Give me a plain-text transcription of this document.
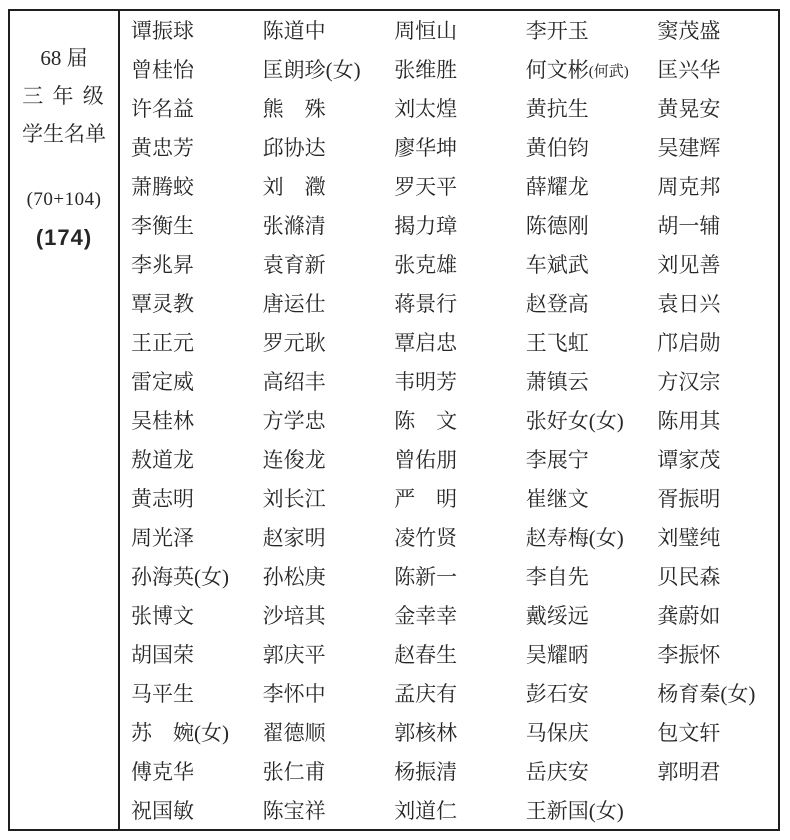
68 届
三 年 级
学生名单
(70+104)
(174)
谭振球	陈道中	周恒山	李开玉	窦茂盛
曾桂怡	匡朗珍(女)	张维胜	何文彬 (何武)	匡兴华
许名益	熊　殊	刘太煌	黄抗生	黄晃安
黄忠芳	邱协达	廖华坤	黄伯钧	吴建辉
萧腾蛟	刘　瀓	罗天平	薛耀龙	周克邦
李衡生	张滌清	揭力璋	陈德刚	胡一辅
李兆昇	袁育新	张克雄	车斌武	刘见善
覃灵教	唐运仕	蒋景行	赵登高	袁日兴
王正元	罗元耿	覃启忠	王飞虹	邝启勋
雷定威	高绍丰	韦明芳	萧镇云	方汉宗
吴桂林	方学忠	陈　文	张好女(女)	陈用其
敖道龙	连俊龙	曾佑朋	李展宁	谭家茂
黄志明	刘长江	严　明	崔继文	胥振明
周光泽	赵家明	凌竹贤	赵寿梅(女)	刘璧纯
孙海英(女)	孙松庚	陈新一	李自先	贝民森
张博文	沙培其	金幸幸	戴绥远	龚蔚如
胡国荣	郭庆平	赵春生	吴耀昞	李振怀
马平生	李怀中	孟庆有	彭石安	杨育秦(女)
苏　婉(女)	翟德顺	郭核林	马保庆	包文轩
傅克华	张仁甫	杨振清	岳庆安	郭明君
祝国敏	陈宝祥	刘道仁	王新国(女)
